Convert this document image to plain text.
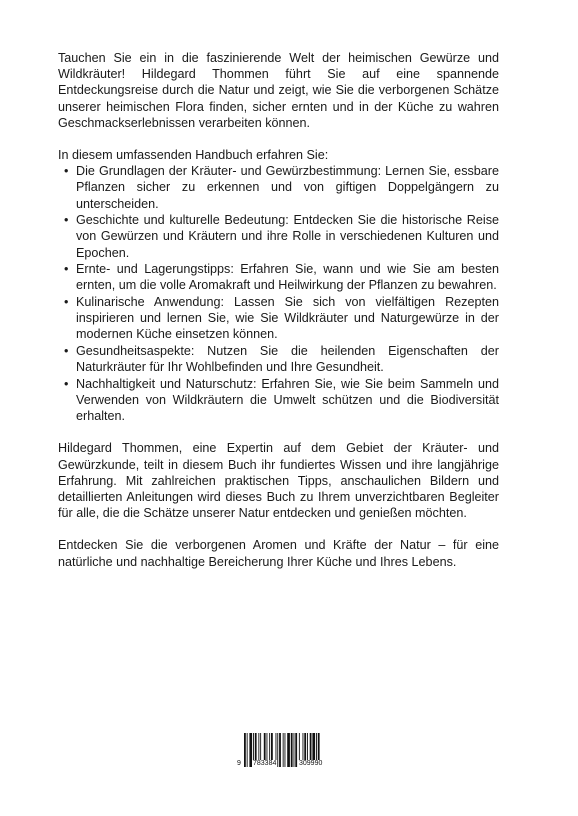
Tauchen Sie ein in die faszinierende Welt der heimischen Gewürze und Wildkräuter! Hildegard Thommen führt Sie auf eine spannende Entdeckungsreise durch die Natur und zeigt, wie Sie die verborgenen Schätze unserer heimischen Flora finden, sicher ernten und in der Küche zu wahren Geschmackserlebnissen verarbeiten können.

In diesem umfassenden Handbuch erfahren Sie:

• Die Grundlagen der Kräuter- und Gewürzbestimmung: Lernen Sie, essbare Pflanzen sicher zu erkennen und von giftigen Doppelgängern zu unterscheiden.
• Geschichte und kulturelle Bedeutung: Entdecken Sie die historische Reise von Gewürzen und Kräutern und ihre Rolle in verschiedenen Kulturen und Epochen.
• Ernte- und Lagerungstipps: Erfahren Sie, wann und wie Sie am besten ernten, um die volle Aromakraft und Heilwirkung der Pflanzen zu bewahren.
• Kulinarische Anwendung: Lassen Sie sich von vielfältigen Rezepten inspirieren und lernen Sie, wie Sie Wildkräuter und Naturgewürze in der modernen Küche einsetzen können.
• Gesundheitsaspekte: Nutzen Sie die heilenden Eigenschaften der Naturkräuter für Ihr Wohlbefinden und Ihre Gesundheit.
• Nachhaltigkeit und Naturschutz: Erfahren Sie, wie Sie beim Sammeln und Verwenden von Wildkräutern die Umwelt schützen und die Biodiversität erhalten.

Hildegard Thommen, eine Expertin auf dem Gebiet der Kräuter- und Gewürzkunde, teilt in diesem Buch ihr fundiertes Wissen und ihre langjährige Erfahrung. Mit zahlreichen praktischen Tipps, anschaulichen Bildern und detaillierten Anleitungen wird dieses Buch zu Ihrem unverzichtbaren Begleiter für alle, die die Schätze unserer Natur entdecken und genießen möchten.

Entdecken Sie die verborgenen Aromen und Kräfte der Natur – für eine natürliche und nachhaltige Bereicherung Ihrer Küche und Ihres Lebens.

9 783384	309990
